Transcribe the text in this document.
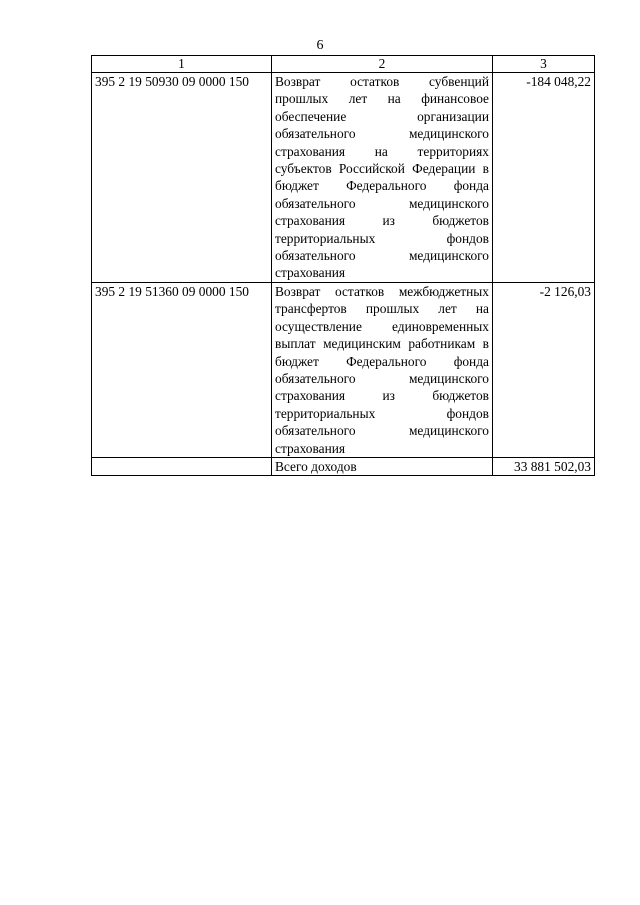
6
1	2	3
395 2 19 50930 09 0000 150	Возврат остатков субвенций прошлых лет на финансовое обеспечение организации обязательного медицинского страхования на территориях субъектов Российской Федерации в бюджет Федерального фонда обязательного медицинского страхования из бюджетов территориальных фондов обязательного медицинского страхования	-184 048,22
395 2 19 51360 09 0000 150	Возврат остатков межбюджетных трансфертов прошлых лет на осуществление единовременных выплат медицинским работникам в бюджет Федерального фонда обязательного медицинского страхования из бюджетов территориальных фондов обязательного медицинского страхования	-2 126,03
	Всего доходов	33 881 502,03
